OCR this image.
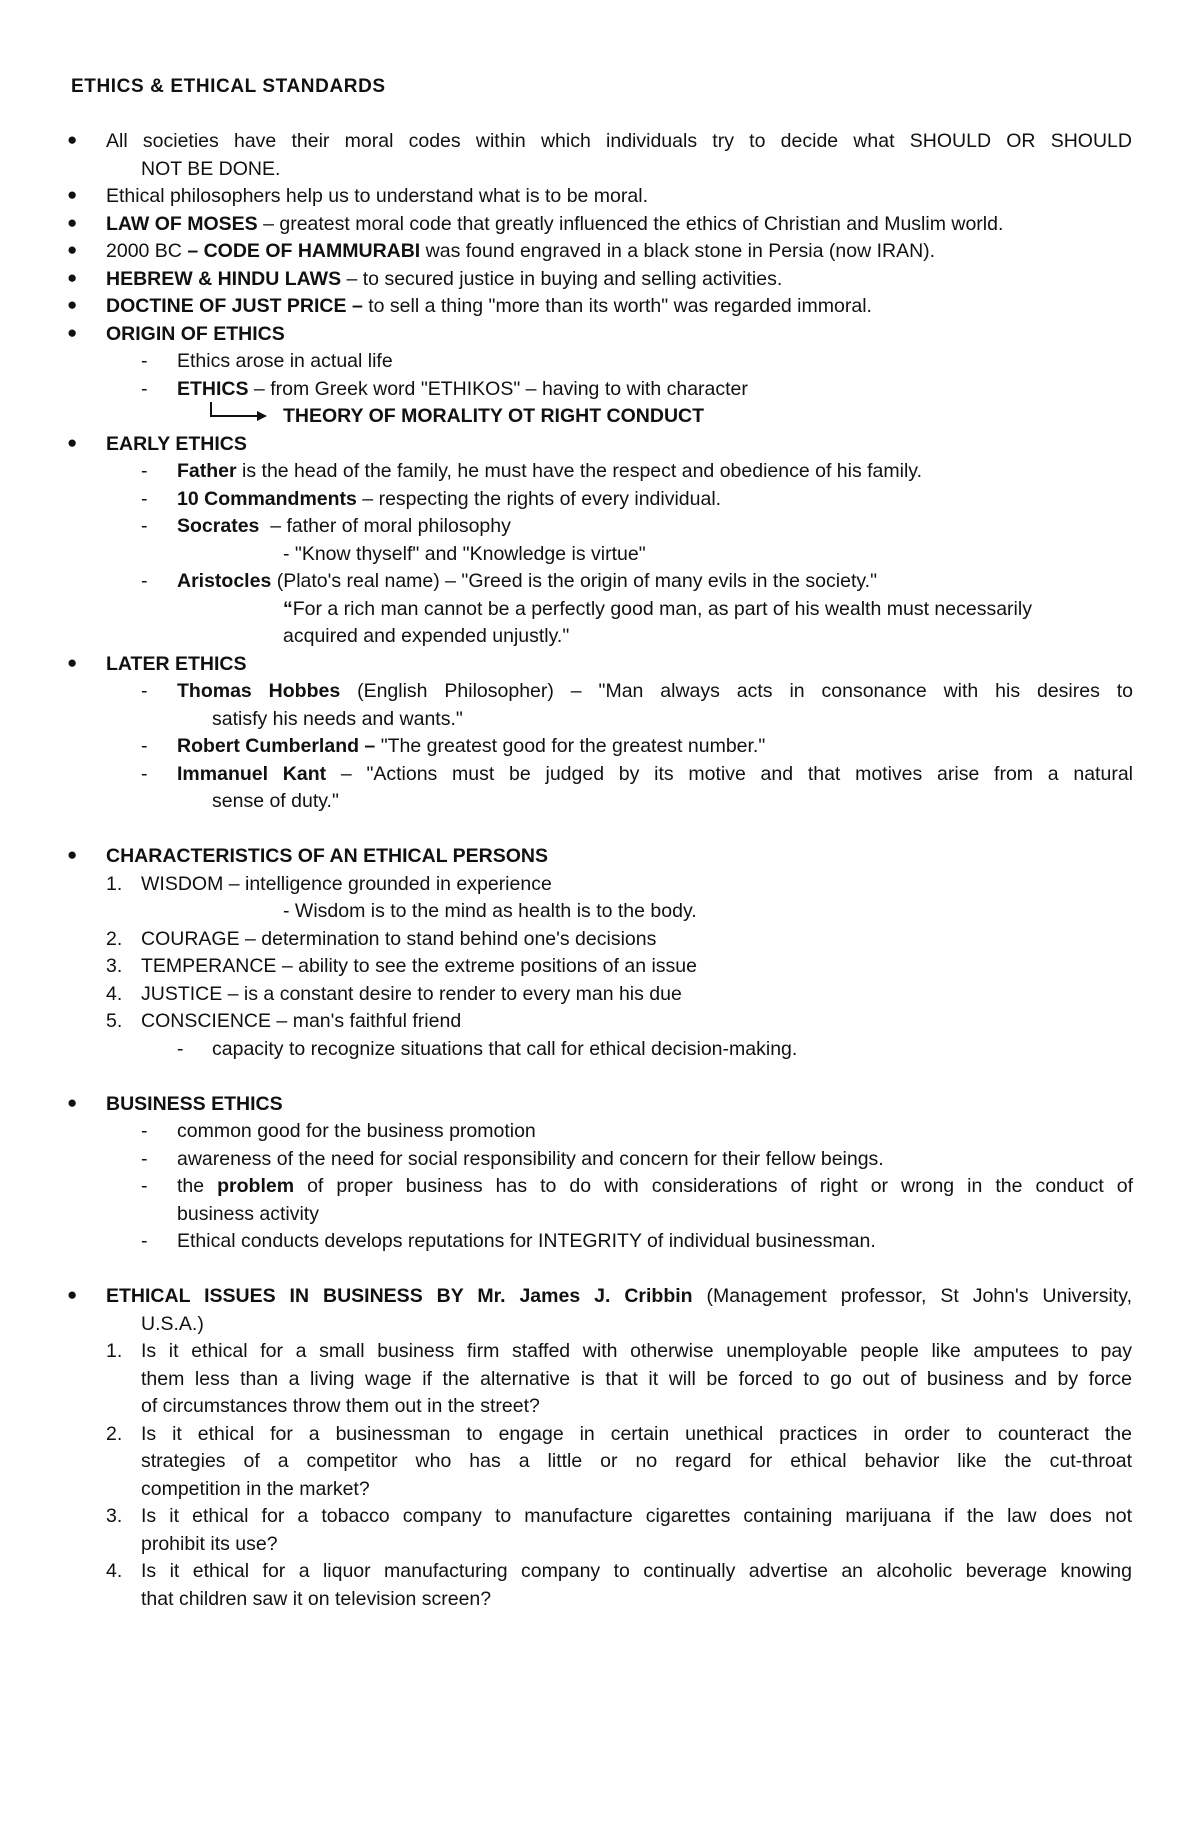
ETHICS & ETHICAL STANDARDS
●
All societies have their moral codes within which individuals try to decide what SHOULD OR SHOULD
NOT BE DONE.
●
Ethical philosophers help us to understand what is to be moral.
●
LAW OF MOSES – greatest moral code that greatly influenced the ethics of Christian and Muslim world.
●
2000 BC – CODE OF HAMMURABI was found engraved in a black stone in Persia (now IRAN).
●
HEBREW & HINDU LAWS – to secured justice in buying and selling activities.
●
DOCTINE OF JUST PRICE – to sell a thing "more than its worth" was regarded immoral.
●
ORIGIN OF ETHICS
- Ethics arose in actual life
- ETHICS – from Greek word "ETHIKOS" – having to with character
THEORY OF MORALITY OT RIGHT CONDUCT
●
EARLY ETHICS
- Father is the head of the family, he must have the respect and obedience of his family.
- 10 Commandments – respecting the rights of every individual.
- Socrates  – father of moral philosophy
- "Know thyself" and "Knowledge is virtue"
- Aristocles (Plato's real name) – "Greed is the origin of many evils in the society."
“For a rich man cannot be a perfectly good man, as part of his wealth must necessarily
acquired and expended unjustly."
●
LATER ETHICS
- Thomas Hobbes (English Philosopher) – "Man always acts in consonance with his desires to
satisfy his needs and wants."
- Robert Cumberland – "The greatest good for the greatest number."
- Immanuel Kant – "Actions must be judged by its motive and that motives arise from a natural
sense of duty."
●
CHARACTERISTICS OF AN ETHICAL PERSONS
1. WISDOM – intelligence grounded in experience
- Wisdom is to the mind as health is to the body.
2. COURAGE – determination to stand behind one's decisions
3. TEMPERANCE – ability to see the extreme positions of an issue
4. JUSTICE – is a constant desire to render to every man his due
5. CONSCIENCE – man's faithful friend
- capacity to recognize situations that call for ethical decision-making.
●
BUSINESS ETHICS
- common good for the business promotion
- awareness of the need for social responsibility and concern for their fellow beings.
- the problem of proper business has to do with considerations of right or wrong in the conduct of
business activity
- Ethical conducts develops reputations for INTEGRITY of individual businessman.
●
ETHICAL ISSUES IN BUSINESS BY Mr. James J. Cribbin (Management professor, St John's University,
U.S.A.)
1. Is it ethical for a small business firm staffed with otherwise unemployable people like amputees to pay
them less than a living wage if the alternative is that it will be forced to go out of business and by force
of circumstances throw them out in the street?
2. Is it ethical for a businessman to engage in certain unethical practices in order to counteract the
strategies of a competitor who has a little or no regard for ethical behavior like the cut-throat
competition in the market?
3. Is it ethical for a tobacco company to manufacture cigarettes containing marijuana if the law does not
prohibit its use?
4. Is it ethical for a liquor manufacturing company to continually advertise an alcoholic beverage knowing
that children saw it on television screen?
